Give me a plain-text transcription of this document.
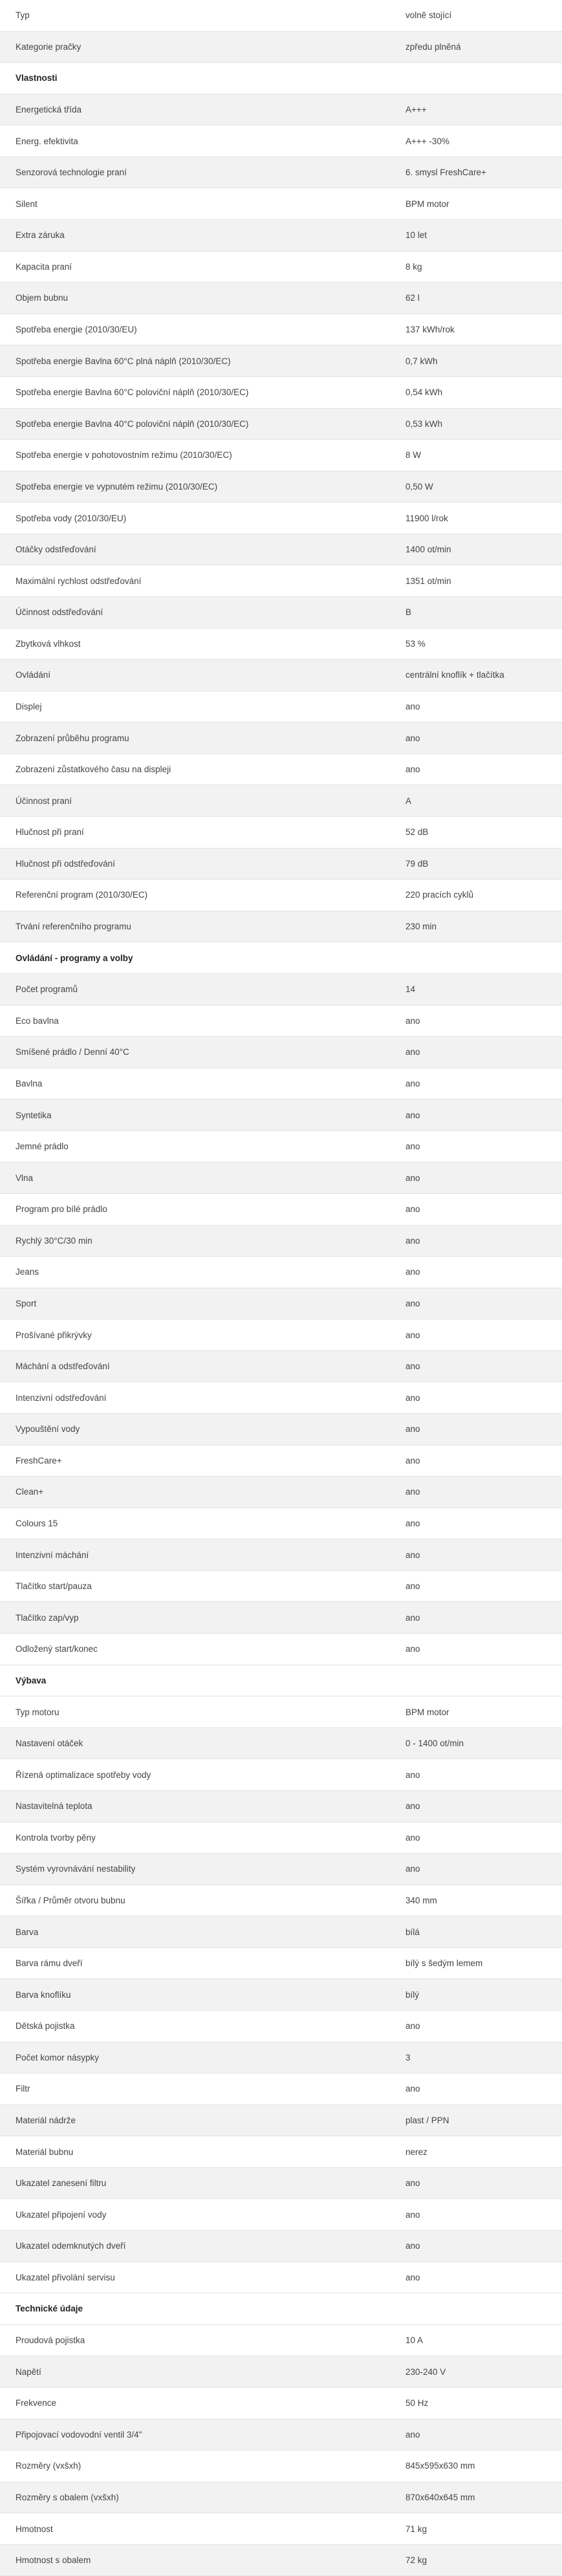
Typ	volně stojící
Kategorie pračky	zpředu plněná
Vlastnosti	
Energetická třída	A+++
Energ. efektivita	A+++ -30%
Senzorová technologie praní	6. smysl FreshCare+
Silent	BPM motor
Extra záruka	10 let
Kapacita praní	8 kg
Objem bubnu	62 l
Spotřeba energie (2010/30/EU)	137 kWh/rok
Spotřeba energie Bavlna 60°C plná náplň (2010/30/EC)	0,7 kWh
Spotřeba energie Bavlna 60°C poloviční náplň (2010/30/EC)	0,54 kWh
Spotřeba energie Bavlna 40°C poloviční náplň (2010/30/EC)	0,53 kWh
Spotřeba energie v pohotovostním režimu (2010/30/EC)	8 W
Spotřeba energie ve vypnutém režimu (2010/30/EC)	0,50 W
Spotřeba vody (2010/30/EU)	11900 l/rok
Otáčky odstřeďování	1400 ot/min
Maximální rychlost odstřeďování	1351 ot/min
Účinnost odstřeďování	B
Zbytková vlhkost	53 %
Ovládání	centrální knoflík + tlačítka
Displej	ano
Zobrazení průběhu programu	ano
Zobrazení zůstatkového času na displeji	ano
Účinnost praní	A
Hlučnost při praní	52 dB
Hlučnost při odstřeďování	79 dB
Referenční program (2010/30/EC)	220 pracích cyklů
Trvání referenčního programu	230 min
Ovládání - programy a volby	
Počet programů	14
Eco bavlna	ano
Smíšené prádlo / Denní 40°C	ano
Bavlna	ano
Syntetika	ano
Jemné prádlo	ano
Vlna	ano
Program pro bílé prádlo	ano
Rychlý 30°C/30 min	ano
Jeans	ano
Sport	ano
Prošívané přikrývky	ano
Máchání a odstřeďování	ano
Intenzivní odstřeďování	ano
Vypouštění vody	ano
FreshCare+	ano
Clean+	ano
Colours 15	ano
Intenzivní máchání	ano
Tlačítko start/pauza	ano
Tlačítko zap/vyp	ano
Odložený start/konec	ano
Výbava	
Typ motoru	BPM motor
Nastavení otáček	0 - 1400 ot/min
Řízená optimalizace spotřeby vody	ano
Nastavitelná teplota	ano
Kontrola tvorby pěny	ano
Systém vyrovnávání nestability	ano
Šířka / Průměr otvoru bubnu	340 mm
Barva	bílá
Barva rámu dveří	bílý s šedým lemem
Barva knoflíku	bílý
Dětská pojistka	ano
Počet komor násypky	3
Filtr	ano
Materiál nádrže	plast / PPN
Materiál bubnu	nerez
Ukazatel zanesení filtru	ano
Ukazatel připojení vody	ano
Ukazatel odemknutých dveří	ano
Ukazatel přivolání servisu	ano
Technické údaje	
Proudová pojistka	10 A
Napětí	230-240 V
Frekvence	50 Hz
Připojovací vodovodní ventil 3/4"	ano
Rozměry (vxšxh)	845x595x630 mm
Rozměry s obalem (vxšxh)	870x640x645 mm
Hmotnost	71 kg
Hmotnost s obalem	72 kg
